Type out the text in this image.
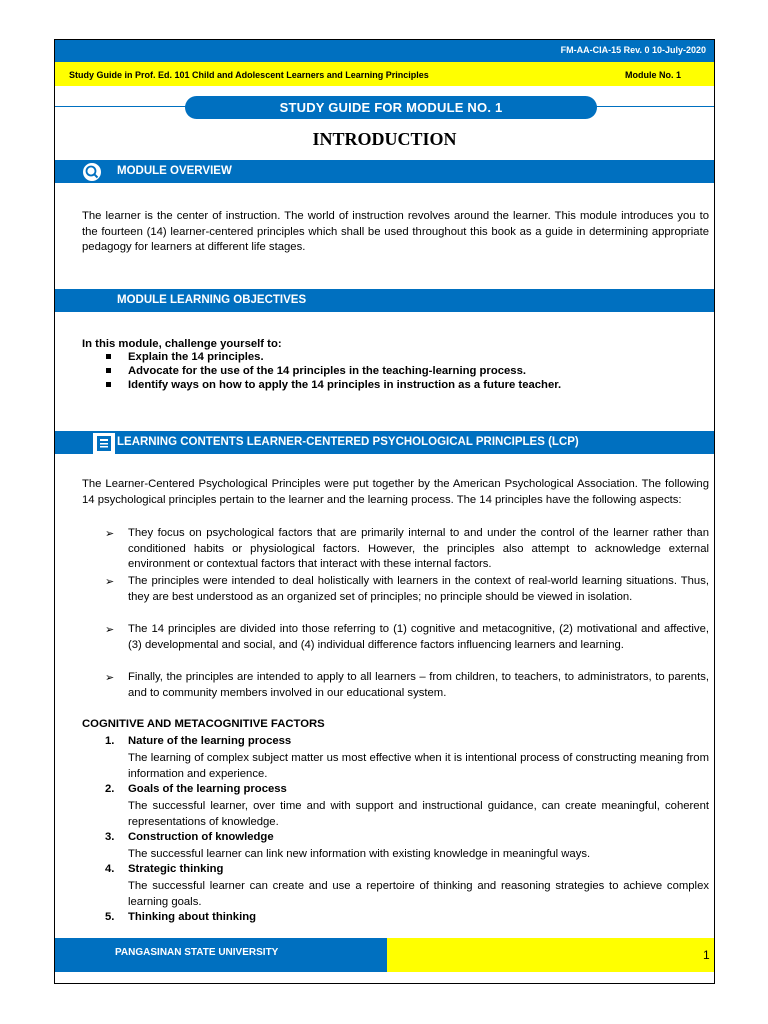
FM-AA-CIA-15 Rev. 0 10-July-2020
Study Guide in Prof. Ed. 101 Child and Adolescent Learners and Learning Principles	Module No. 1
STUDY GUIDE FOR MODULE NO. 1
INTRODUCTION
MODULE OVERVIEW
The learner is the center of instruction. The world of instruction revolves around the learner. This module introduces you to the fourteen (14) learner-centered principles which shall be used throughout this book as a guide in determining appropriate pedagogy for learners at different life stages.
MODULE LEARNING OBJECTIVES
In this module, challenge yourself to:
Explain the 14 principles.
Advocate for the use of the 14 principles in the teaching-learning process.
Identify ways on how to apply the 14 principles in instruction as a future teacher.
LEARNING CONTENTS LEARNER-CENTERED PSYCHOLOGICAL PRINCIPLES (LCP)
The Learner-Centered Psychological Principles were put together by the American Psychological Association. The following 14 psychological principles pertain to the learner and the learning process. The 14 principles have the following aspects:
➢ They focus on psychological factors that are primarily internal to and under the control of the learner rather than conditioned habits or physiological factors. However, the principles also attempt to acknowledge external environment or contextual factors that interact with these internal factors.
➢ The principles were intended to deal holistically with learners in the context of real-world learning situations. Thus, they are best understood as an organized set of principles; no principle should be viewed in isolation.
➢ The 14 principles are divided into those referring to (1) cognitive and metacognitive, (2) motivational and affective, (3) developmental and social, and (4) individual difference factors influencing learners and learning.
➢ Finally, the principles are intended to apply to all learners – from children, to teachers, to administrators, to parents, and to community members involved in our educational system.
COGNITIVE AND METACOGNITIVE FACTORS
1. Nature of the learning process
The learning of complex subject matter us most effective when it is intentional process of constructing meaning from information and experience.
2. Goals of the learning process
The successful learner, over time and with support and instructional guidance, can create meaningful, coherent representations of knowledge.
3. Construction of knowledge
The successful learner can link new information with existing knowledge in meaningful ways.
4. Strategic thinking
The successful learner can create and use a repertoire of thinking and reasoning strategies to achieve complex learning goals.
5. Thinking about thinking
PANGASINAN STATE UNIVERSITY	1
